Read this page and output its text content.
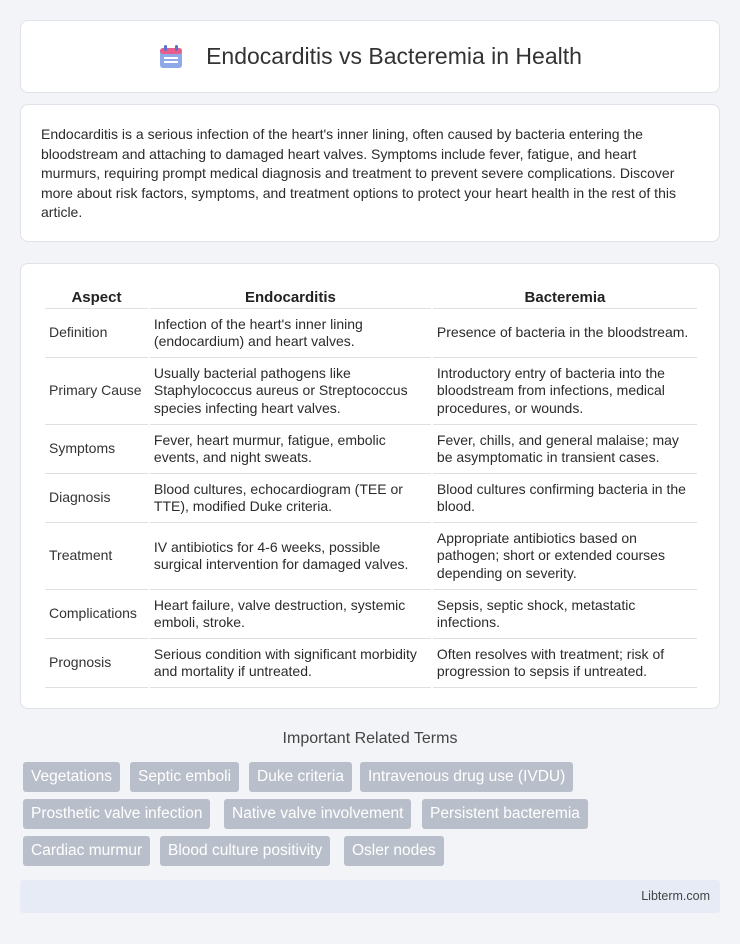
Endocarditis vs Bacteremia in Health

Endocarditis is a serious infection of the heart's inner lining, often caused by bacteria entering the bloodstream and attaching to damaged heart valves. Symptoms include fever, fatigue, and heart murmurs, requiring prompt medical diagnosis and treatment to prevent severe complications. Discover more about risk factors, symptoms, and treatment options to protect your heart health in the rest of this article.

Aspect	Endocarditis	Bacteremia
Definition	Infection of the heart's inner lining (endocardium) and heart valves.	Presence of bacteria in the bloodstream.
Primary Cause	Usually bacterial pathogens like Staphylococcus aureus or Streptococcus species infecting heart valves.	Introductory entry of bacteria into the bloodstream from infections, medical procedures, or wounds.
Symptoms	Fever, heart murmur, fatigue, embolic events, and night sweats.	Fever, chills, and general malaise; may be asymptomatic in transient cases.
Diagnosis	Blood cultures, echocardiogram (TEE or TTE), modified Duke criteria.	Blood cultures confirming bacteria in the blood.
Treatment	IV antibiotics for 4-6 weeks, possible surgical intervention for damaged valves.	Appropriate antibiotics based on pathogen; short or extended courses depending on severity.
Complications	Heart failure, valve destruction, systemic emboli, stroke.	Sepsis, septic shock, metastatic infections.
Prognosis	Serious condition with significant morbidity and mortality if untreated.	Often resolves with treatment; risk of progression to sepsis if untreated.
Important Related Terms
Vegetations	Septic emboli	Duke criteria	Intravenous drug use (IVDU)
Prosthetic valve infection	Native valve involvement	Persistent bacteremia
Cardiac murmur	Blood culture positivity	Osler nodes
Libterm.com
